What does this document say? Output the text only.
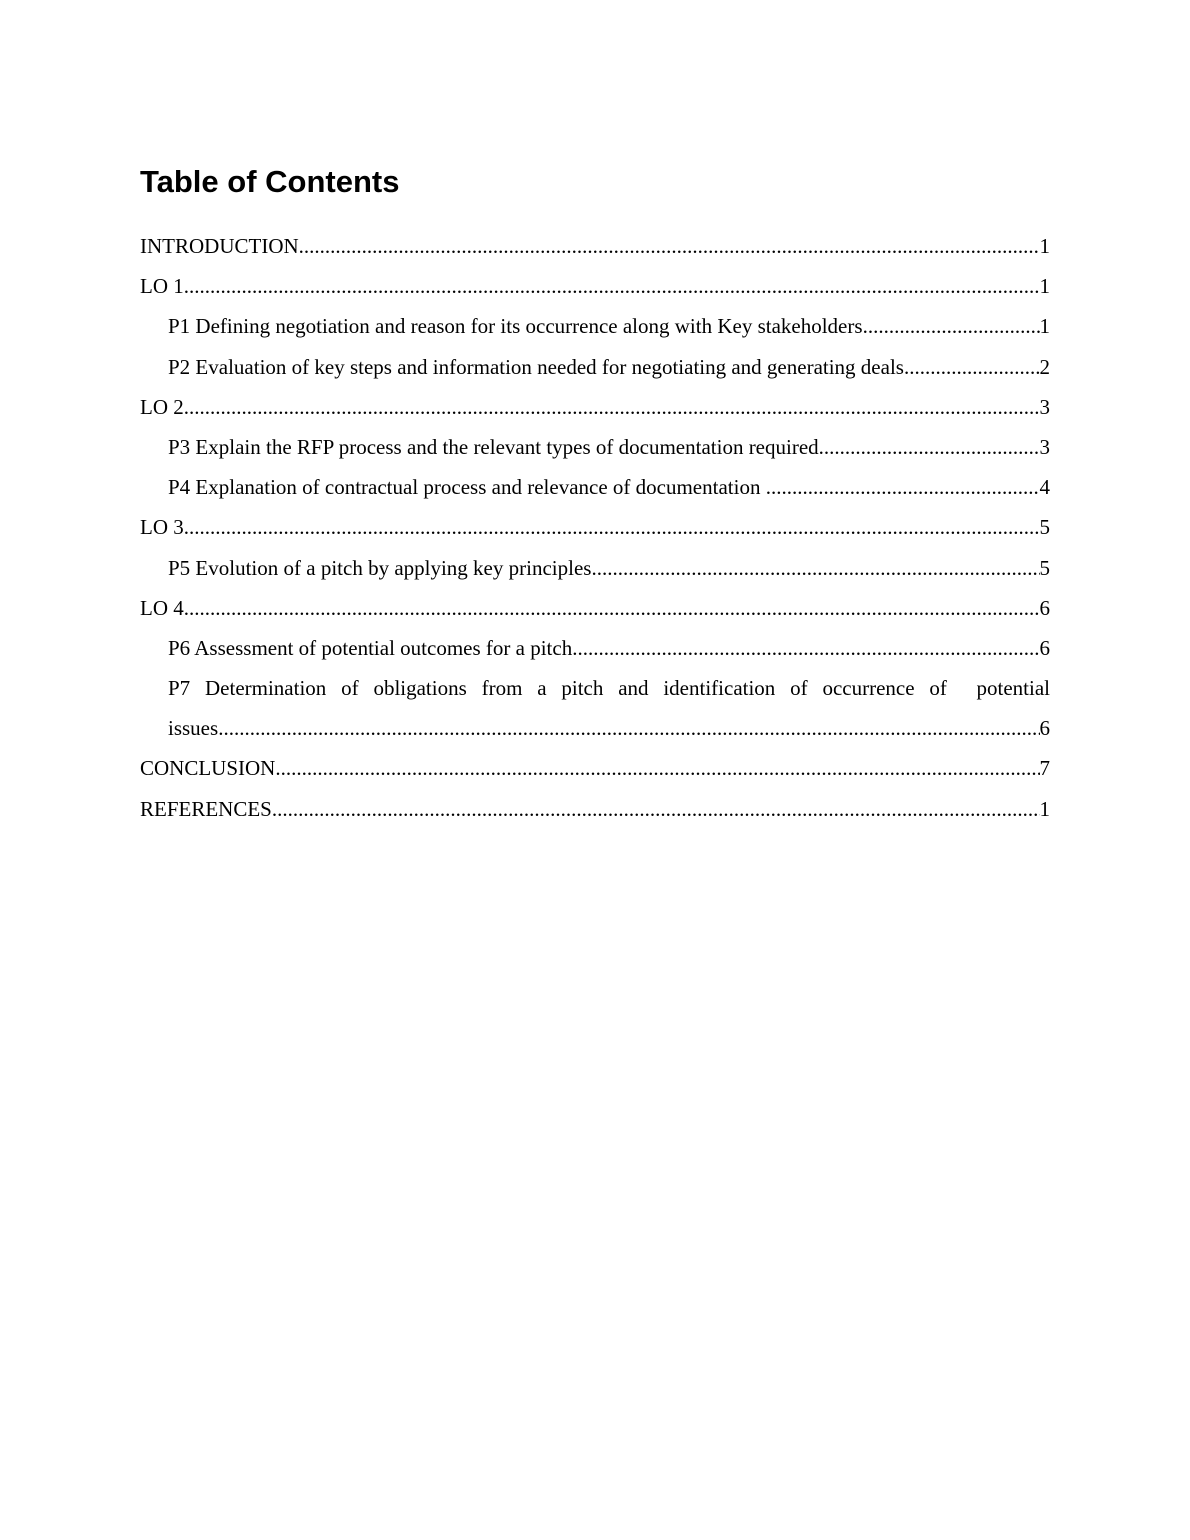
Table of Contents
INTRODUCTION .....	1
LO 1 .....	1
P1 Defining negotiation and reason for its occurrence along with Key stakeholders .....	1
P2 Evaluation of key steps and information needed for negotiating and generating deals .....	2
LO 2 .....	3
P3 Explain the RFP process and the relevant types of documentation required .....	3
P4 Explanation of contractual process and relevance of documentation .....	4
LO 3 .....	5
P5 Evolution of a pitch by applying key principles .....	5
LO 4 .....	6
P6 Assessment of potential outcomes for a pitch .....	6
P7 Determination of obligations from a pitch and identification of occurrence of  potential
issues .....	6
CONCLUSION .....	7
REFERENCES .....	1
